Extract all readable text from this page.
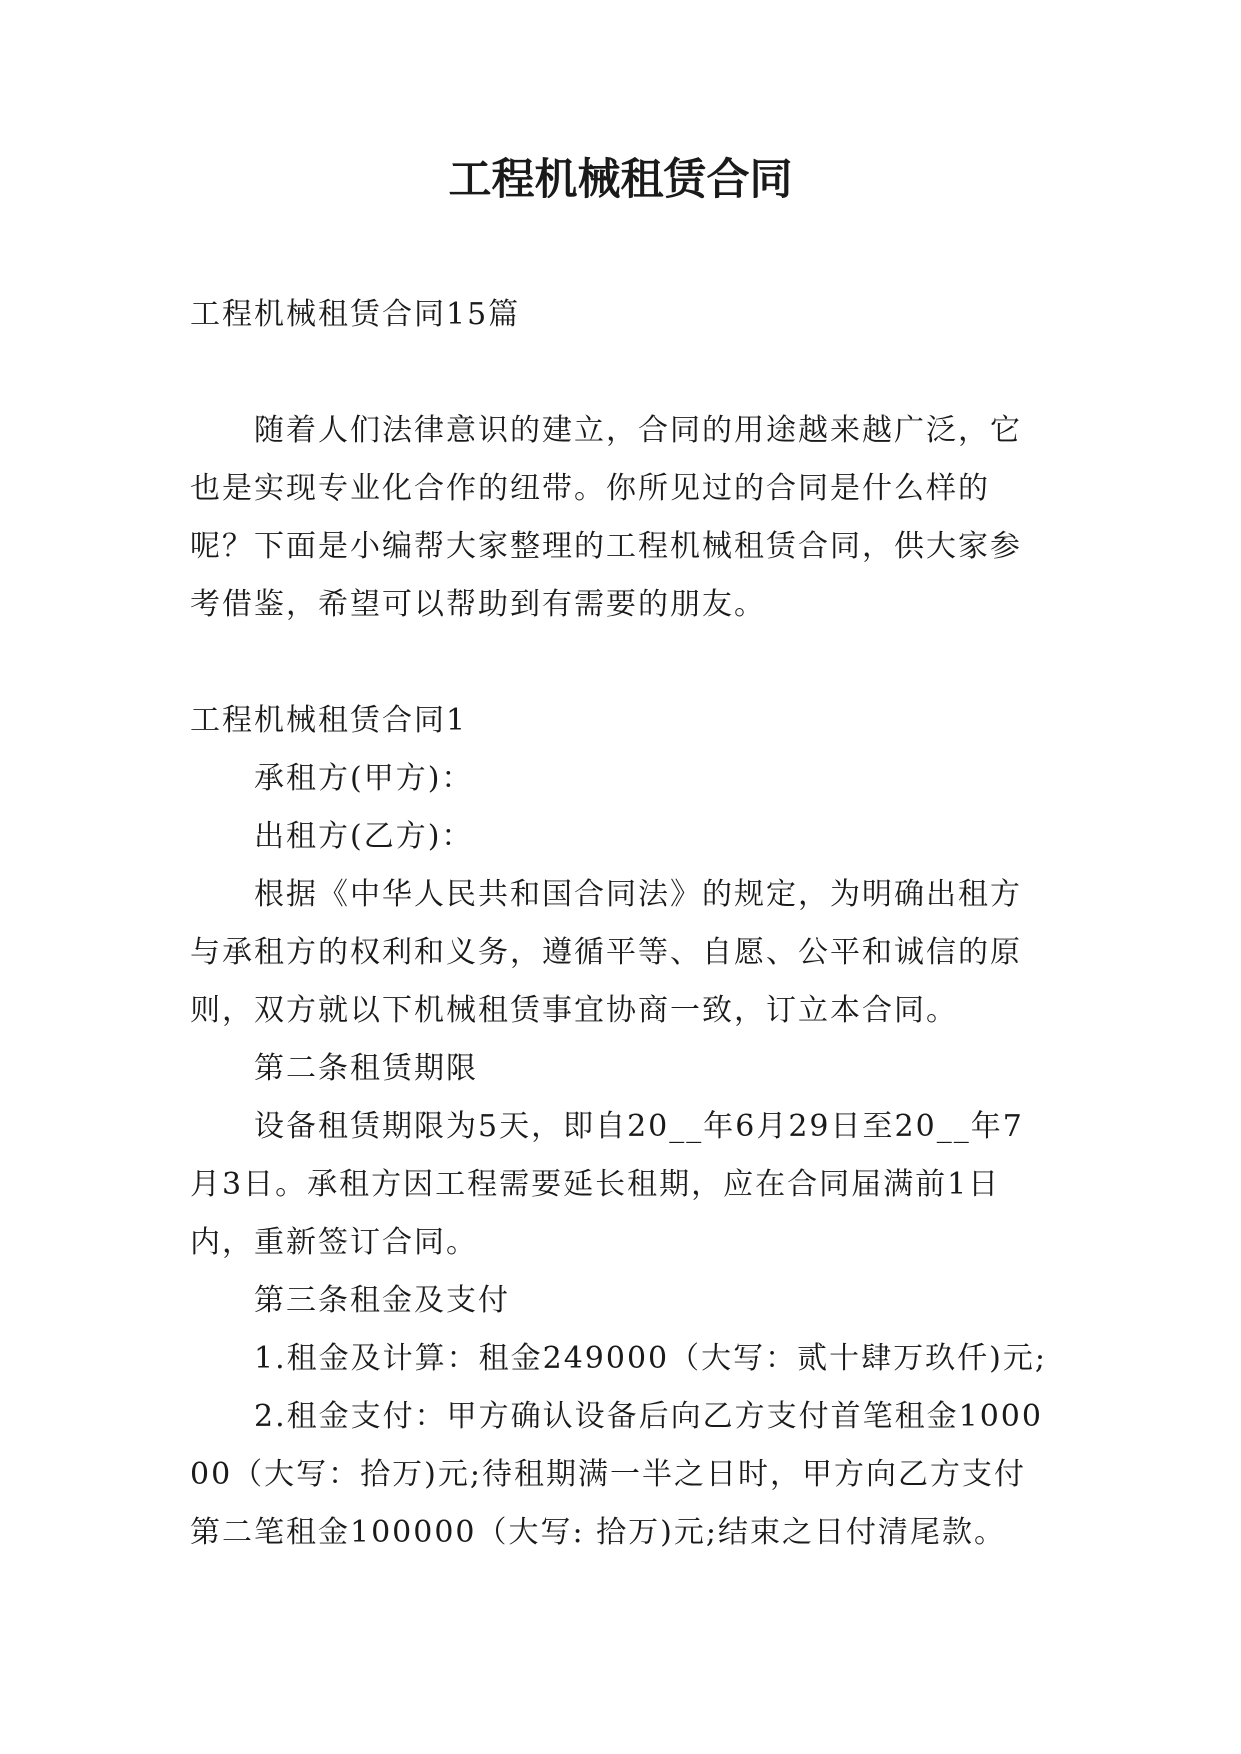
工程机械租赁合同

工程机械租赁合同15篇

随着人们法律意识的建立，合同的用途越来越广泛，它也是实现专业化合作的纽带。你所见过的合同是什么样的呢？下面是小编帮大家整理的工程机械租赁合同，供大家参考借鉴，希望可以帮助到有需要的朋友。

工程机械租赁合同1

承租方(甲方)：

出租方(乙方)：

根据《中华人民共和国合同法》的规定，为明确出租方与承租方的权利和义务，遵循平等、自愿、公平和诚信的原则，双方就以下机械租赁事宜协商一致，订立本合同。

第二条租赁期限

设备租赁期限为5天，即自20__年6月29日至20__年7月3日。承租方因工程需要延长租期，应在合同届满前1日内，重新签订合同。

第三条租金及支付

1.租金及计算：租金249000（大写：贰十肆万玖仟)元;

2.租金支付：甲方确认设备后向乙方支付首笔租金100000（大写：拾万)元;待租期满一半之日时，甲方向乙方支付第二笔租金100000（大写: 拾万)元;结束之日付清尾款。
